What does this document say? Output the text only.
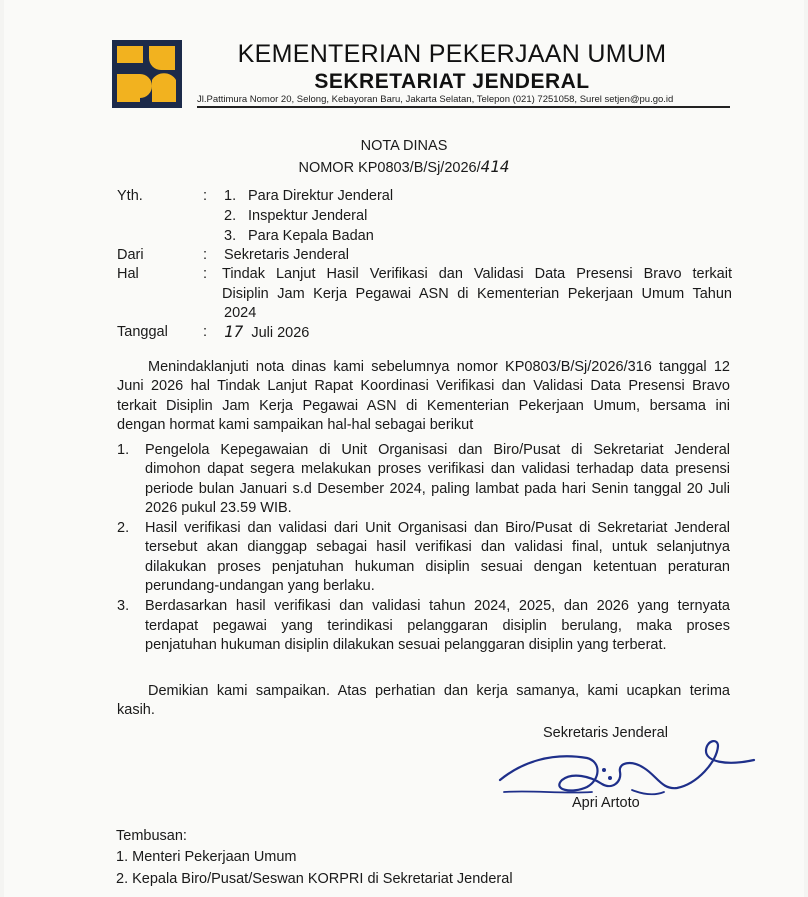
KEMENTERIAN PEKERJAAN UMUM
SEKRETARIAT JENDERAL
Jl.Pattimura Nomor 20, Selong, Kebayoran Baru, Jakarta Selatan, Telepon (021) 7251058, Surel setjen@pu.go.id
NOTA DINAS
NOMOR KP0803/B/Sj/2026/414
Yth.	: 1. Para Direktur Jenderal
2. Inspektur Jenderal
3. Para Kepala Badan
Dari	: Sekretaris Jenderal
Hal	: Tindak Lanjut Hasil Verifikasi dan Validasi Data Presensi Bravo terkait
Disiplin Jam Kerja Pegawai ASN di Kementerian Pekerjaan Umum Tahun
2024
Tanggal : 17 Juli 2026
Menindaklanjuti nota dinas kami sebelumnya nomor KP0803/B/Sj/2026/316 tanggal 12
Juni 2026 hal Tindak Lanjut Rapat Koordinasi Verifikasi dan Validasi Data Presensi Bravo
terkait Disiplin Jam Kerja Pegawai ASN di Kementerian Pekerjaan Umum, bersama ini
dengan hormat kami sampaikan hal-hal sebagai berikut
1. Pengelola Kepegawaian di Unit Organisasi dan Biro/Pusat di Sekretariat Jenderal
dimohon dapat segera melakukan proses verifikasi dan validasi terhadap data presensi
periode bulan Januari s.d Desember 2024, paling lambat pada hari Senin tanggal 20 Juli
2026 pukul 23.59 WIB.
2. Hasil verifikasi dan validasi dari Unit Organisasi dan Biro/Pusat di Sekretariat Jenderal
tersebut akan dianggap sebagai hasil verifikasi dan validasi final, untuk selanjutnya
dilakukan proses penjatuhan hukuman disiplin sesuai dengan ketentuan peraturan
perundang-undangan yang berlaku.
3. Berdasarkan hasil verifikasi dan validasi tahun 2024, 2025, dan 2026 yang ternyata
terdapat pegawai yang terindikasi pelanggaran disiplin berulang, maka proses
penjatuhan hukuman disiplin dilakukan sesuai pelanggaran disiplin yang terberat.
Demikian kami sampaikan. Atas perhatian dan kerja samanya, kami ucapkan terima
kasih.
Sekretaris Jenderal
Apri Artoto
Tembusan:
1. Menteri Pekerjaan Umum
2. Kepala Biro/Pusat/Seswan KORPRI di Sekretariat Jenderal
